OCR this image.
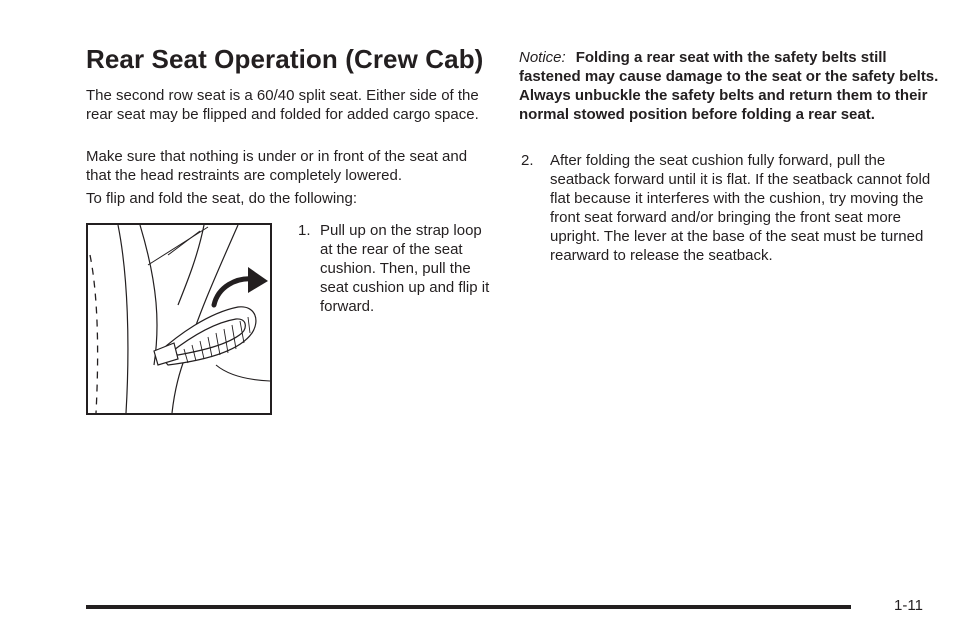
Rear Seat Operation (Crew Cab)

The second row seat is a 60/40 split seat. Either side of the rear seat may be flipped and folded for added cargo space.

Make sure that nothing is under or in front of the seat and that the head restraints are completely lowered.

To flip and fold the seat, do the following:

1. Pull up on the strap loop at the rear of the seat cushion. Then, pull the seat cushion up and flip it forward.

Notice: Folding a rear seat with the safety belts still fastened may cause damage to the seat or the safety belts. Always unbuckle the safety belts and return them to their normal stowed position before folding a rear seat.

2.	After folding the seat cushion fully forward, pull the seatback forward until it is flat. If the seatback cannot fold flat because it interferes with the cushion, try moving the front seat forward and/or bringing the front seat more upright. The lever at the base of the seat must be turned rearward to release the seatback.
1-11
